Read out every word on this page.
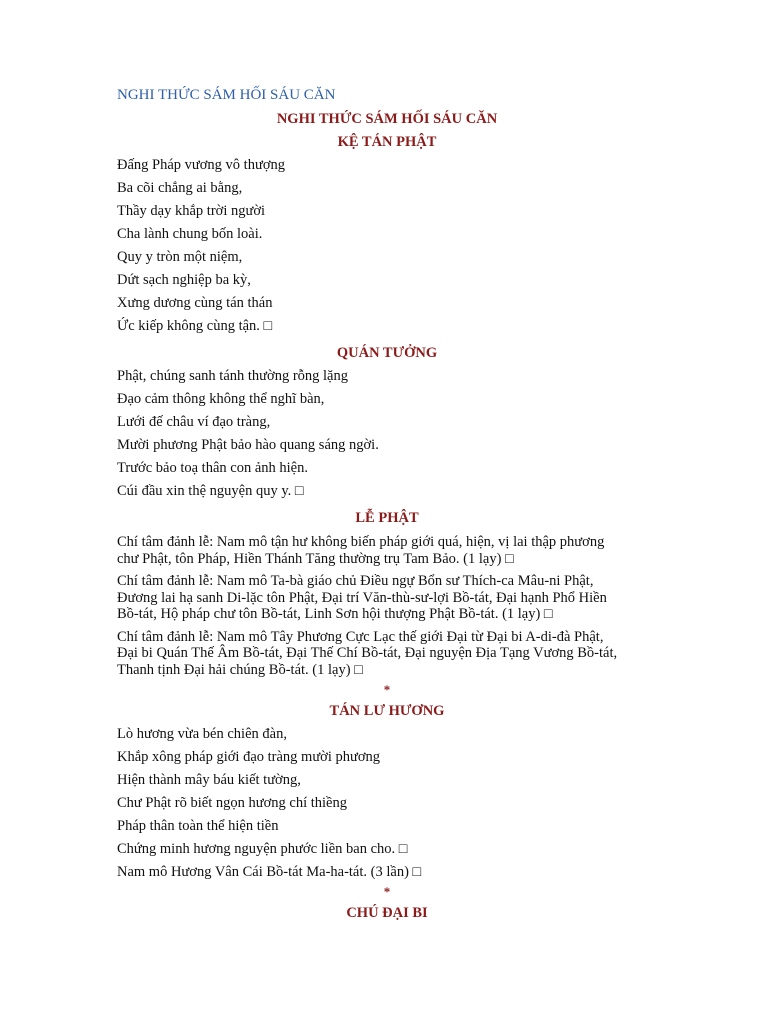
NGHI THỨC SÁM HỐI SÁU CĂN
NGHI THỨC SÁM HỐI SÁU CĂN
KỆ TÁN PHẬT
Đấng Pháp vương vô thượng
Ba cõi chẳng ai bằng,
Thầy dạy khắp trời người
Cha lành chung bốn loài.
Quy y tròn một niệm,
Dứt sạch nghiệp ba kỳ,
Xưng dương cùng tán thán
Ức kiếp không cùng tận. □
QUÁN TƯỞNG
Phật, chúng sanh tánh thường rỗng lặng
Đạo cảm thông không thể nghĩ bàn,
Lưới đế châu ví đạo tràng,
Mười phương Phật bảo hào quang sáng ngời.
Trước bảo toạ thân con ảnh hiện.
Cúi đầu xin thệ nguyện quy y. □
LỄ PHẬT
Chí tâm đảnh lễ: Nam mô tận hư không biến pháp giới quá, hiện, vị lai thập phương
chư Phật, tôn Pháp, Hiền Thánh Tăng thường trụ Tam Bảo. (1 lạy) □
Chí tâm đảnh lễ: Nam mô Ta-bà giáo chủ Điều ngự Bổn sư Thích-ca Mâu-ni Phật,
Đương lai hạ sanh Di-lặc tôn Phật, Đại trí Văn-thù-sư-lợi Bồ-tát, Đại hạnh Phổ Hiền
Bồ-tát, Hộ pháp chư tôn Bồ-tát, Linh Sơn hội thượng Phật Bồ-tát. (1 lạy) □
Chí tâm đảnh lễ: Nam mô Tây Phương Cực Lạc thế giới Đại từ Đại bi A-di-đà Phật,
Đại bi Quán Thế Âm Bồ-tát, Đại Thế Chí Bồ-tát, Đại nguyện Địa Tạng Vương Bồ-tát,
Thanh tịnh Đại hải chúng Bồ-tát. (1 lạy) □
*
TÁN LƯ HƯƠNG
Lò hương vừa bén chiên đàn,
Khắp xông pháp giới đạo tràng mười phương
Hiện thành mây báu kiết tường,
Chư Phật rõ biết ngọn hương chí thiềng
Pháp thân toàn thể hiện tiền
Chứng minh hương nguyện phước liền ban cho. □
Nam mô Hương Vân Cái Bồ-tát Ma-ha-tát. (3 lần) □
*
CHÚ ĐẠI BI
